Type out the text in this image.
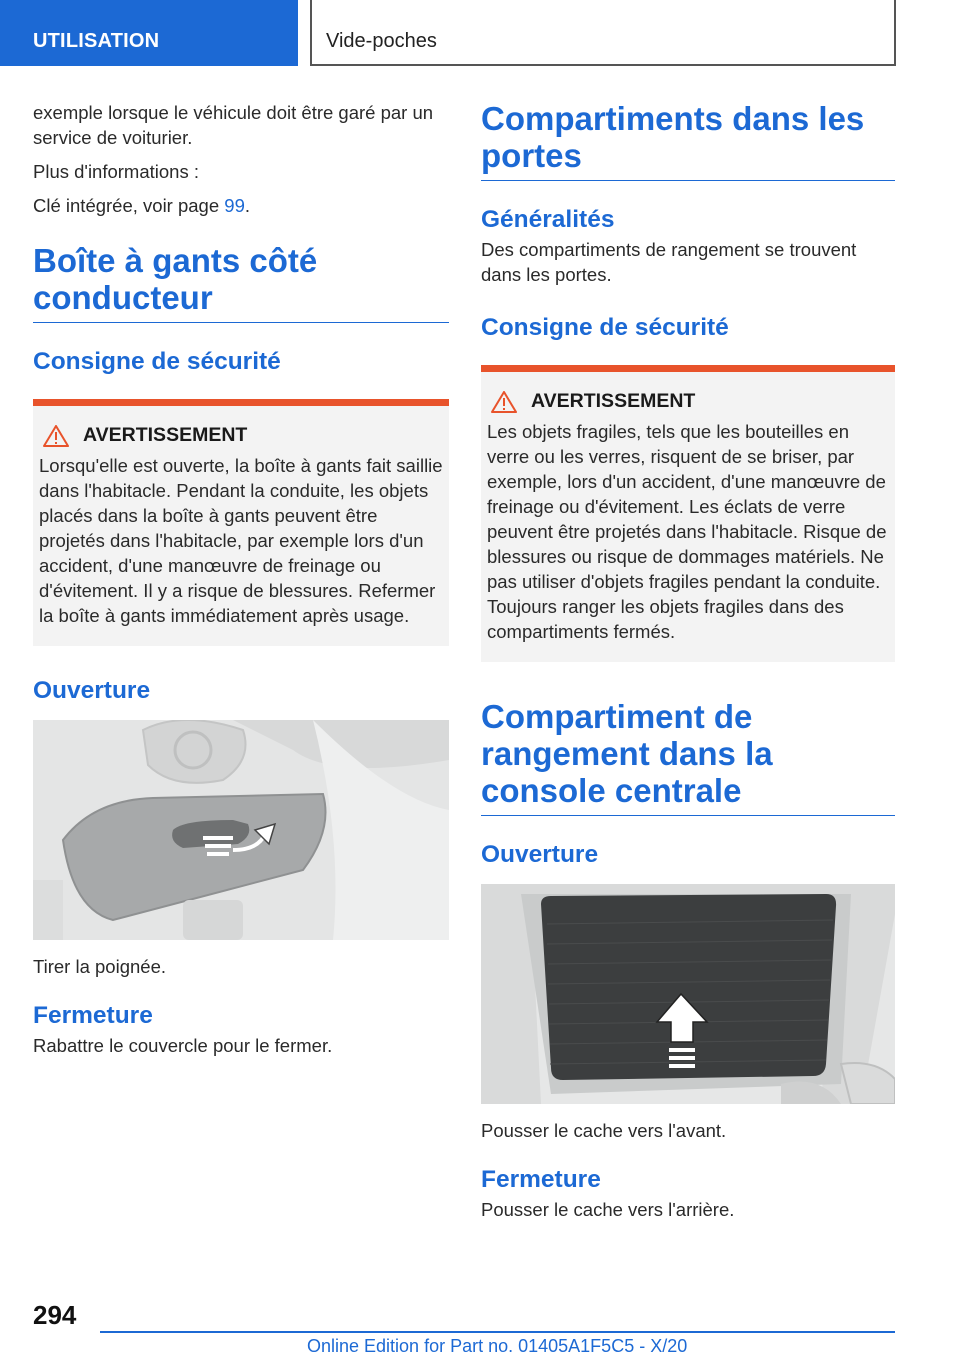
UTILISATION	Vide-poches

exemple lorsque le véhicule doit être garé par un service de voiturier.

Plus d'informations :

Clé intégrée, voir page 99.

Boîte à gants côté conducteur
Consigne de sécurité
AVERTISSEMENT

Lorsqu'elle est ouverte, la boîte à gants fait saillie dans l'habitacle. Pendant la conduite, les objets placés dans la boîte à gants peuvent être projetés dans l'habitacle, par exemple lors d'un accident, d'une manœuvre de freinage ou d'évitement. Il y a risque de blessures. Refermer la boîte à gants immédiatement après usage.

Ouverture

Tirer la poignée.

Fermeture

Rabattre le couvercle pour le fermer.

Compartiments dans les portes
Généralités

Des compartiments de rangement se trouvent dans les portes.

Consigne de sécurité
AVERTISSEMENT

Les objets fragiles, tels que les bouteilles en verre ou les verres, risquent de se briser, par exemple, lors d'un accident, d'une manœuvre de freinage ou d'évitement. Les éclats de verre peuvent être projetés dans l'habitacle. Risque de blessures ou risque de dommages matériels. Ne pas utiliser d'objets fragiles pendant la conduite. Toujours ranger les objets fragiles dans des compartiments fermés.

Compartiment de rangement dans la console centrale
Ouverture

Pousser le cache vers l'avant.

Fermeture

Pousser le cache vers l'arrière.

294
Online Edition for Part no. 01405A1F5C5 - X/20
